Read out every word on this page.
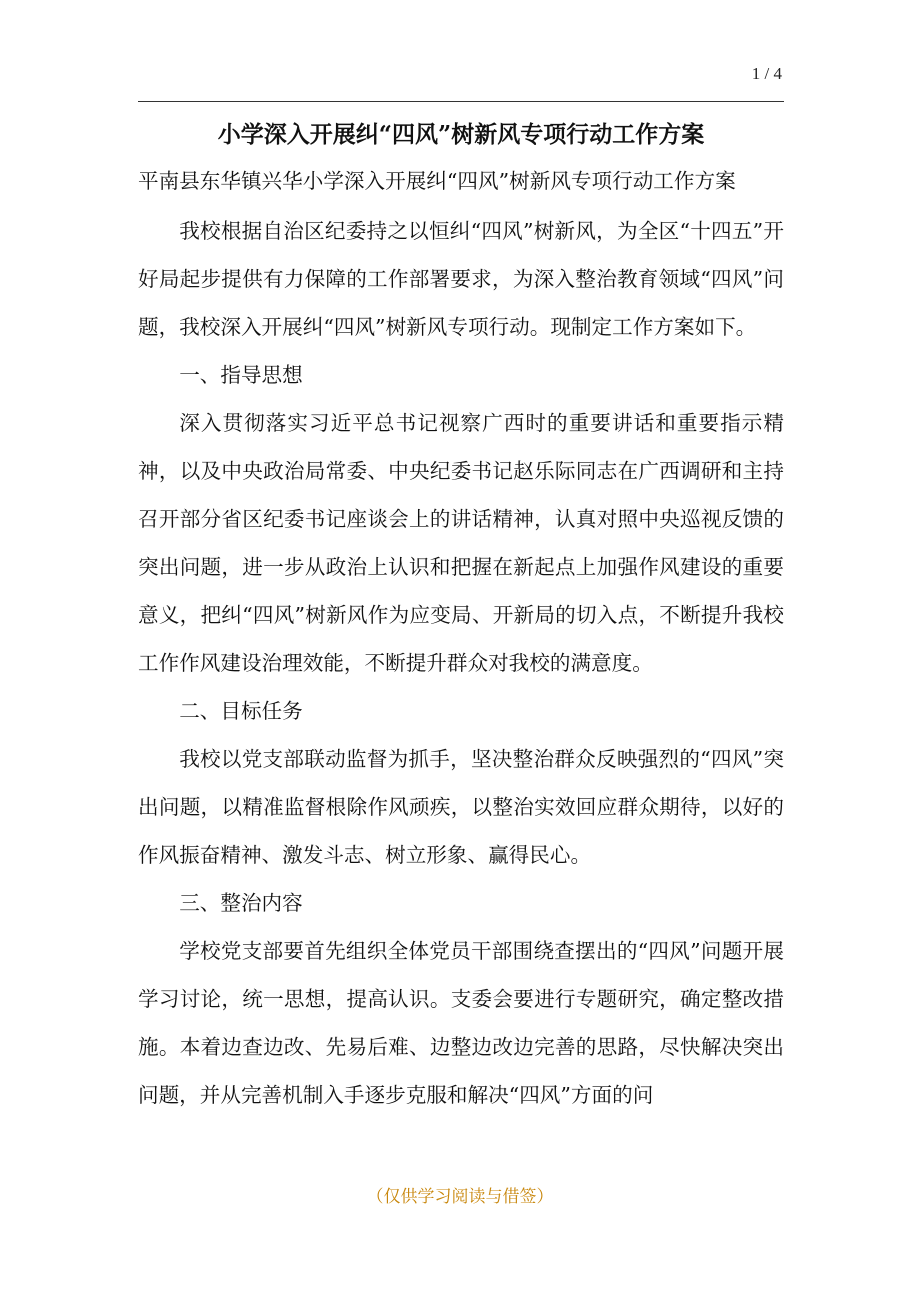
1 / 4
小学深入开展纠“四风”树新风专项行动工作方案

平南县东华镇兴华小学深入开展纠“四风”树新风专项行动工作方案

我校根据自治区纪委持之以恒纠“四风”树新风，为全区“十四五”开好局起步提供有力保障的工作部署要求，为深入整治教育领域“四风”问题，我校深入开展纠“四风”树新风专项行动。现制定工作方案如下。

一、指导思想

深入贯彻落实习近平总书记视察广西时的重要讲话和重要指示精神，以及中央政治局常委、中央纪委书记赵乐际同志在广西调研和主持召开部分省区纪委书记座谈会上的讲话精神，认真对照中央巡视反馈的突出问题，进一步从政治上认识和把握在新起点上加强作风建设的重要意义，把纠“四风”树新风作为应变局、开新局的切入点，不断提升我校工作作风建设治理效能，不断提升群众对我校的满意度。

二、目标任务

我校以党支部联动监督为抓手，坚决整治群众反映强烈的“四风”突出问题，以精准监督根除作风顽疾，以整治实效回应群众期待，以好的作风振奋精神、激发斗志、树立形象、赢得民心。

三、整治内容

学校党支部要首先组织全体党员干部围绕查摆出的“四风”问题开展学习讨论，统一思想，提高认识。支委会要进行专题研究，确定整改措施。本着边查边改、先易后难、边整边改边完善的思路，尽快解决突出问题，并从完善机制入手逐步克服和解决“四风”方面的问

（仅供学习阅读与借签）
